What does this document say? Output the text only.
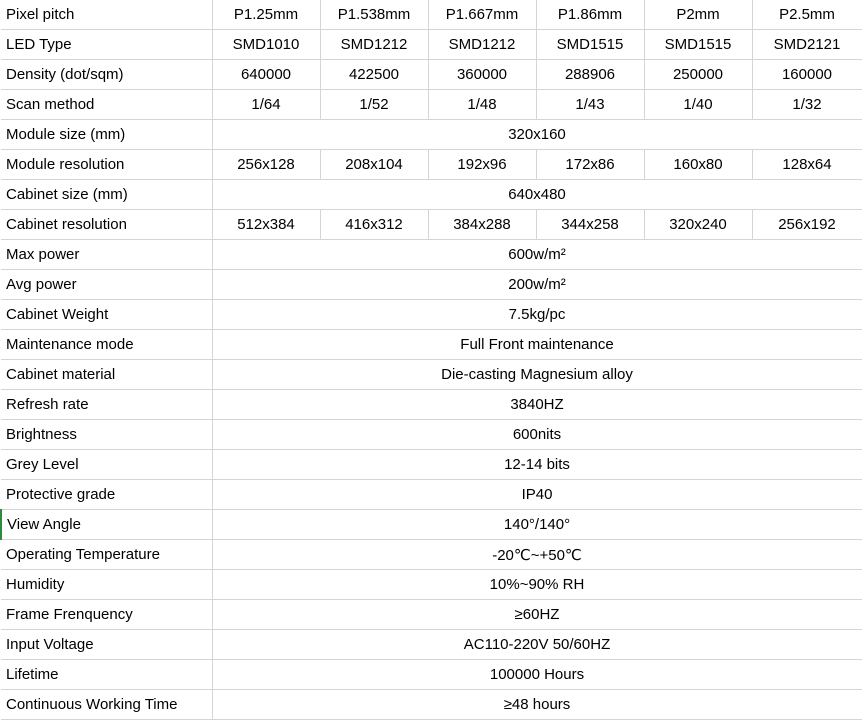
Pixel pitch	P1.25mm	P1.538mm	P1.667mm	P1.86mm	P2mm	P2.5mm
LED Type	SMD1010	SMD1212	SMD1212	SMD1515	SMD1515	SMD2121
Density (dot/sqm)	640000	422500	360000	288906	250000	160000
Scan method	1/64	1/52	1/48	1/43	1/40	1/32
Module size (mm)	320x160					
Module resolution	256x128	208x104	192x96	172x86	160x80	128x64
Cabinet size (mm)	640x480					
Cabinet resolution	512x384	416x312	384x288	344x258	320x240	256x192
Max power	600w/m²					
Avg power	200w/m²					
Cabinet Weight	7.5kg/pc					
Maintenance mode	Full Front maintenance					
Cabinet material	Die-casting Magnesium alloy					
Refresh rate	3840HZ					
Brightness	600nits					
Grey Level	12-14 bits					
Protective grade	IP40					
View Angle	140°/140°					
Operating Temperature	-20℃~+50℃					
Humidity	10%~90% RH					
Frame Frenquency	≥60HZ					
Input Voltage	AC110-220V 50/60HZ					
Lifetime	100000 Hours					
Continuous Working Time	≥48 hours					
